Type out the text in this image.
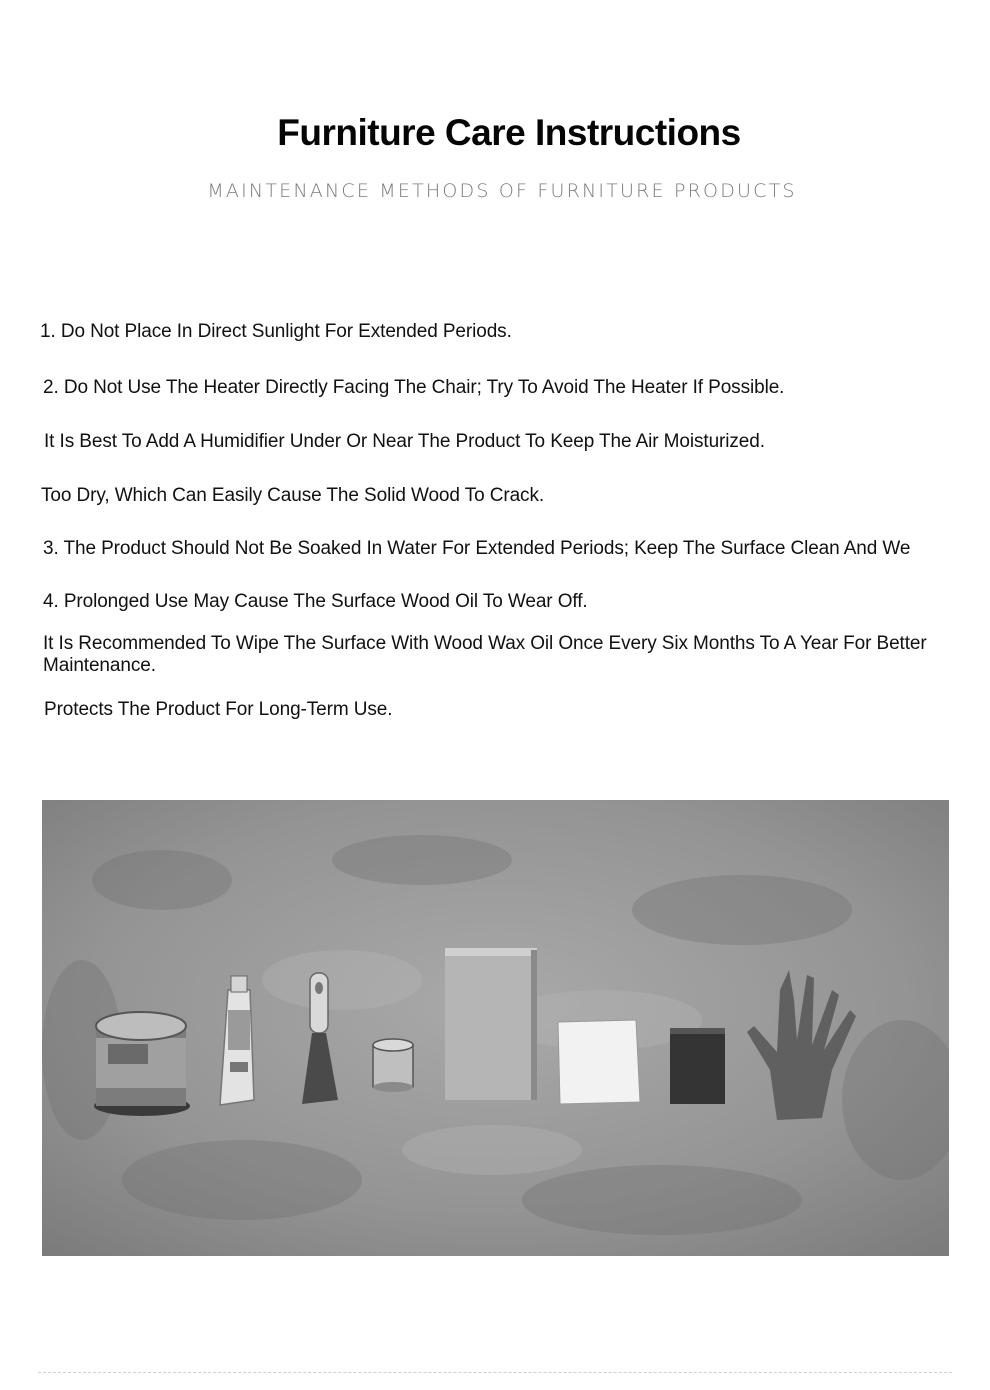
Furniture Care Instructions
MAINTENANCE METHODS OF FURNITURE PRODUCTS
1. Do Not Place In Direct Sunlight For Extended Periods.
2. Do Not Use The Heater Directly Facing The Chair; Try To Avoid The Heater If Possible.
It Is Best To Add A Humidifier Under Or Near The Product To Keep The Air Moisturized.
Too Dry, Which Can Easily Cause The Solid Wood To Crack.
3. The Product Should Not Be Soaked In Water For Extended Periods; Keep The Surface Clean And We
4. Prolonged Use May Cause The Surface Wood Oil To Wear Off.
It Is Recommended To Wipe The Surface With Wood Wax Oil Once Every Six Months To A Year For Better Maintenance.
Protects The Product For Long-Term Use.
